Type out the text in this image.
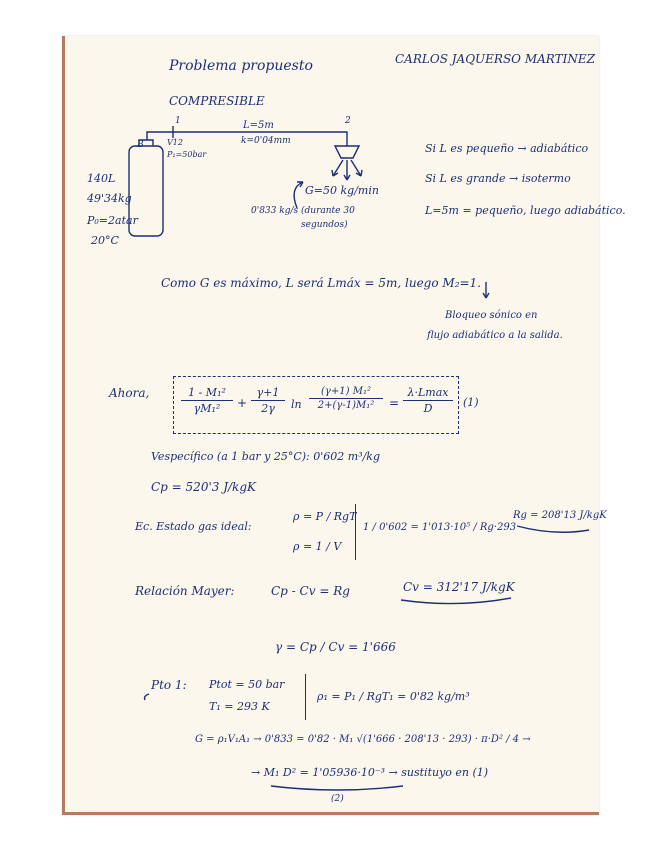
Problema propuesto
COMPRESIBLE
CARLOS JAQUERSO MARTINEZ
1	2
L=5m
k=0'04mm
B	V12
P₁=50bar
140L
49'34kg
P₀=2atar
20°C
G=50 kg/min
0'833 kg/s (durante 30 segundos)
Si L es pequeño → adiabático
Si L es grande → isotermo
L=5m = pequeño, luego adiabático.
Como G es máximo, L será Lmáx = 5m, luego M₂=1.
Bloqueo sónico en
flujo adiabático a la salida.
Ahora,	$\frac{\text{1 - M₁²}}{\text{γM₁²}} + \frac{\gamma+1}{2\gamma}$ $\ln \frac{\text{(γ+1) M₁²}}{\text{2+(γ-1)M₁²}}$ =
λ·Lmax
D	(1)
Vespecífico (a 1 bar y 25°C): 0'602 m³/kg
Cp = 520'3 J/kgK
Ec. Estado gas ideal:
ρ = P / RgT
ρ = 1 / V
1 / 0'602 = 1'013·10⁵ / Rg·293
Rg = 208'13 J/kgK
Relación Mayer:	Cp - Cv = Rg	Cv = 312'17 J/kgK
γ = Cp / Cv = 1'666
Pto 1: Ptot = 50 bar
T₁ = 293 K
ρ₁ = P₁ / RgT₁ = 0'82 kg/m³
G = ρ₁V₁A₁ → 0'833 = 0'82 · M₁ √(1'666 · 208'13 · 293) · π·D² / 4 →
→ M₁ D² = 1'05936·10⁻³ → sustituyo en (1)
(2)
